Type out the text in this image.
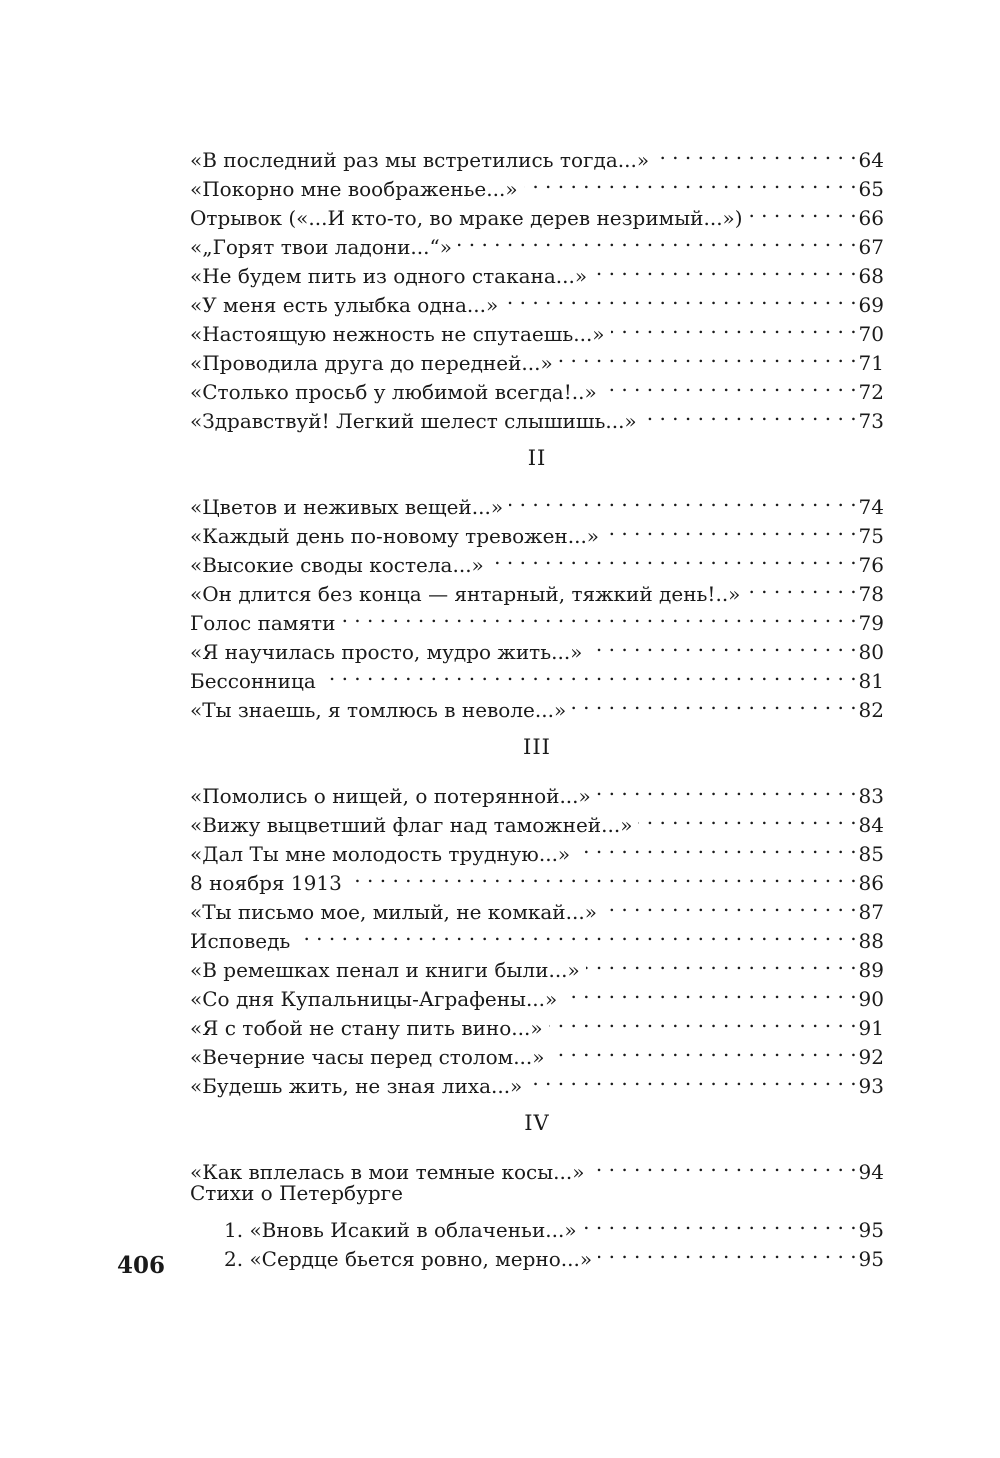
«В последний раз мы встретились тогда...» . . .	64
«Покорно мне воображенье...» . . .	65
Отрывок («...И кто-то, во мраке дерев незримый...») . . .	66
«„Горят твои ладони...“» . . .	67
«Не будем пить из одного стакана...» . . .	68
«У меня есть улыбка одна...» . . .	69
«Настоящую нежность не спутаешь...» . . .	70
«Проводила друга до передней...» . . .	71
«Столько просьб у любимой всегда!..» . . .	72
«Здравствуй! Легкий шелест слышишь...» . . .	73
II
«Цветов и неживых вещей...» . . .	74
«Каждый день по-новому тревожен...» . . .	75
«Высокие своды костела...» . . .	76
«Он длится без конца — янтарный, тяжкий день!..» . . .	78
Голос памяти . . .	79
«Я научилась просто, мудро жить...» . . .	80
Бессонница . . .	81
«Ты знаешь, я томлюсь в неволе...» . . .	82
III
«Помолись о нищей, о потерянной...» . . .	83
«Вижу выцветший флаг над таможней...» . . .	84
«Дал Ты мне молодость трудную...» . . .	85
8 ноября 1913 . . .	86
«Ты письмо мое, милый, не комкай...» . . .	87
Исповедь . . .	88
«В ремешках пенал и книги были...» . . .	89
«Со дня Купальницы-Аграфены...» . . .	90
«Я с тобой не стану пить вино...» . . .	91
«Вечерние часы перед столом...» . . .	92
«Будешь жить, не зная лиха...» . . .	93
IV
«Как вплелась в мои темные косы...» . . .	94
Стихи о Петербурге
1. «Вновь Исакий в облаченьи...» . . .	95
2. «Сердце бьется ровно, мерно...» . . .	95
406
